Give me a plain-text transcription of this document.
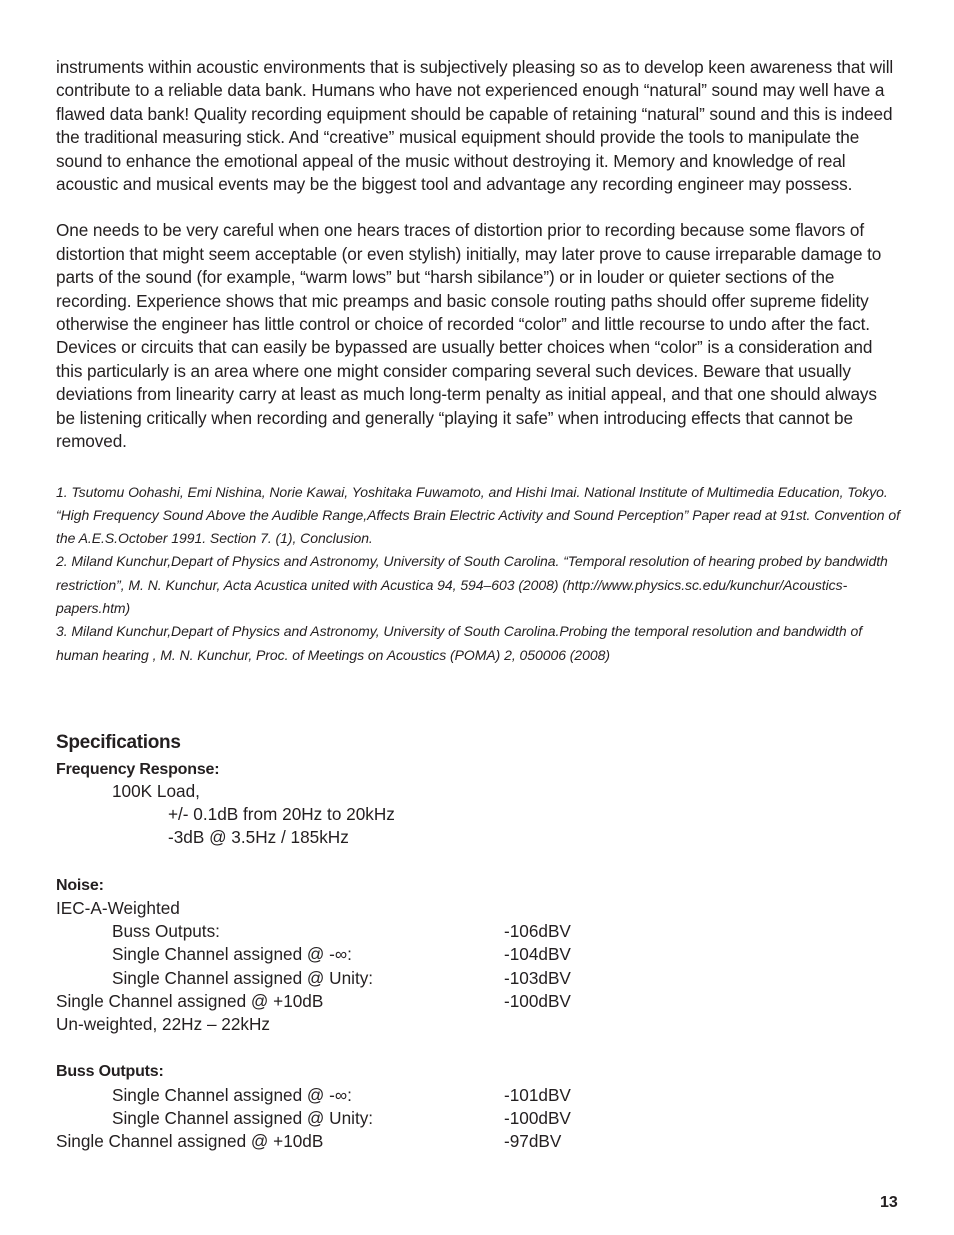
instruments within acoustic environments that is subjectively pleasing so as to develop keen awareness that will contribute to a reliable data bank. Humans who have not experienced enough “natural” sound may well have a flawed data bank! Quality recording equipment should be capable of retaining “natural” sound and this is indeed the traditional measuring stick. And “creative” musical equipment should provide the tools to manipulate the sound to enhance the emotional appeal of the music without destroying it. Memory and knowledge of real acoustic and musical events may be the biggest tool and advantage any recording engineer may possess.

One needs to be very careful when one hears traces of distortion prior to recording because some flavors of distortion that might seem acceptable (or even stylish) initially, may later prove to cause irreparable damage to parts of the sound (for example, “warm lows” but “harsh sibilance”) or in louder or quieter sections of the recording. Experience shows that mic preamps and basic console routing paths should offer supreme fidelity otherwise the engineer has little control or choice of recorded “color” and little recourse to undo after the fact. Devices or circuits that can easily be bypassed are usually better choices when “color” is a consideration and this particularly is an area where one might consider comparing several such devices. Beware that usually deviations from linearity carry at least as much long-term penalty as initial appeal, and that one should always be listening critically when recording and generally “playing it safe” when introducing effects that cannot be removed.

1. Tsutomu Oohashi, Emi Nishina, Norie Kawai, Yoshitaka Fuwamoto, and Hishi Imai. National Institute of Multimedia Education, Tokyo. “High Frequency Sound Above the Audible Range,Affects Brain Electric Activity and Sound Perception” Paper read at 91st. Convention of the A.E.S.October 1991. Section 7. (1), Conclusion.

2. Miland Kunchur,Depart of Physics and Astronomy, University of South Carolina. “Temporal resolution of hearing probed by bandwidth restriction”, M. N. Kunchur, Acta Acustica united with Acustica 94, 594–603 (2008) (http://www.physics.sc.edu/kunchur/Acoustics-papers.htm)

3. Miland Kunchur,Depart of Physics and Astronomy, University of South Carolina.Probing the temporal resolution and bandwidth of human hearing , M. N. Kunchur, Proc. of Meetings on Acoustics (POMA) 2, 050006 (2008)

Specifications
Frequency Response:
100K Load,
+/- 0.1dB from 20Hz to 20kHz
-3dB @ 3.5Hz / 185kHz
Noise:
IEC-A-Weighted
Buss Outputs:	-106dBV
Single Channel assigned @ -∞:	-104dBV
Single Channel assigned @ Unity:	-103dBV
Single Channel assigned @ +10dB	-100dBV
Un-weighted, 22Hz – 22kHz
Buss Outputs:
Single Channel assigned @ -∞:	-101dBV
Single Channel assigned @ Unity:	-100dBV
Single Channel assigned @ +10dB	-97dBV
13
